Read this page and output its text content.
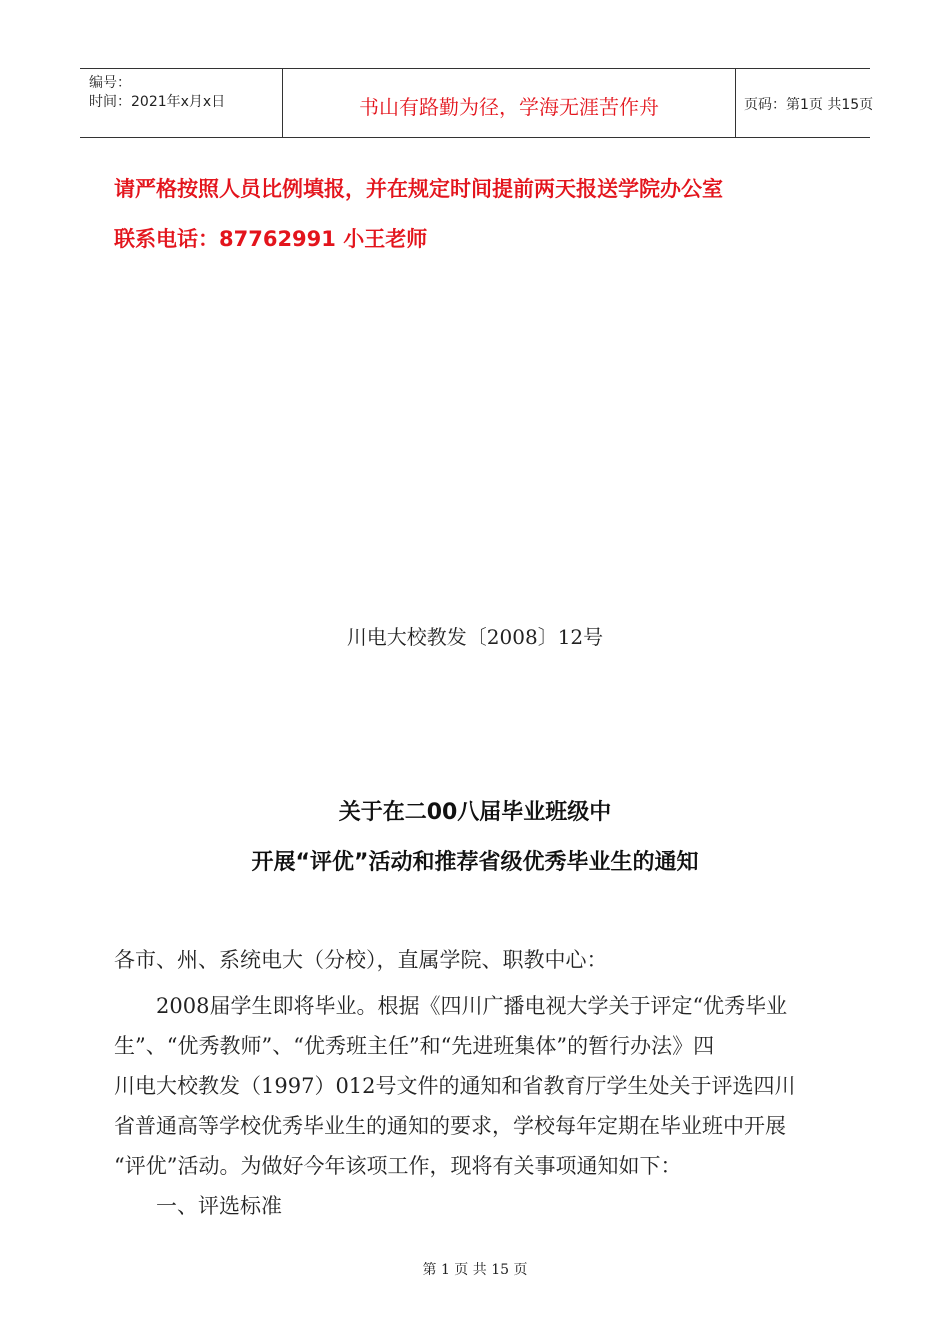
编号：
时间：2021年x月x日	书山有路勤为径，学海无涯苦作舟	页码：第1页 共15页
请严格按照人员比例填报，并在规定时间提前两天报送学院办公室
联系电话：87762991 小王老师
川电大校教发〔2008〕12号
关于在二00八届毕业班级中
开展“评优”活动和推荐省级优秀毕业生的通知
各市、州、系统电大（分校），直属学院、职教中心：
2008届学生即将毕业。根据《四川广播电视大学关于评定“优秀毕业
生”、“优秀教师”、“优秀班主任”和“先进班集体”的暂行办法》四
川电大校教发（1997）012号文件的通知和省教育厅学生处关于评选四川
省普通高等学校优秀毕业生的通知的要求，学校每年定期在毕业班中开展
“评优”活动。为做好今年该项工作，现将有关事项通知如下：
一、评选标准
第 1 页 共 15 页
